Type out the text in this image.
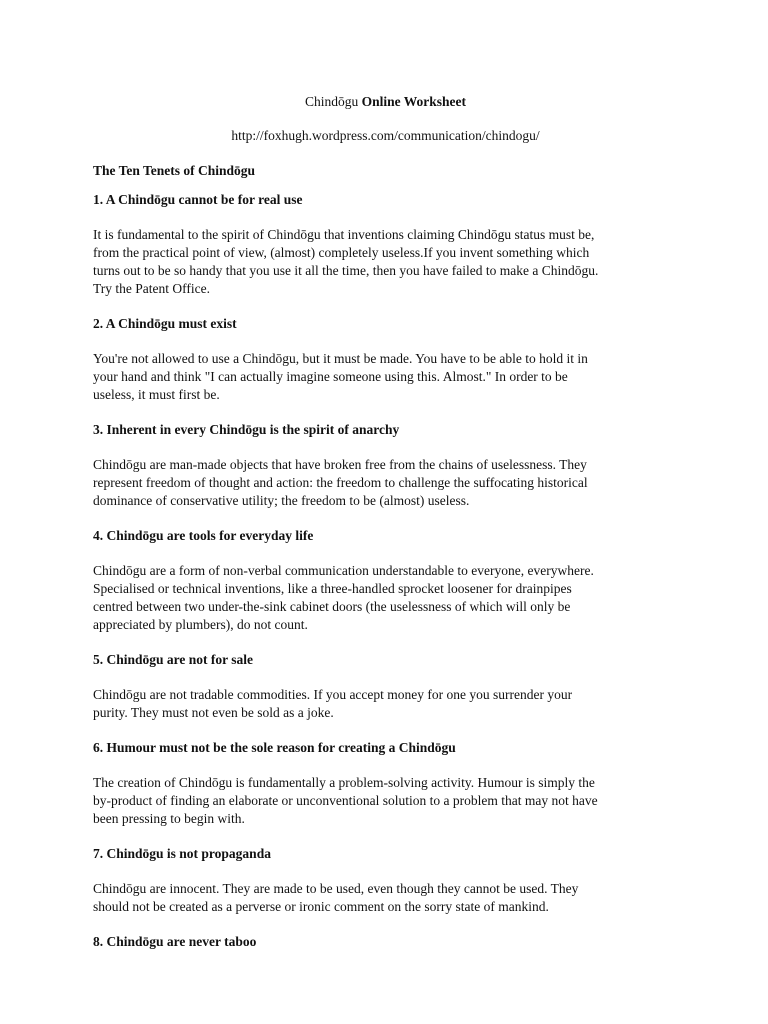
Chindōgu Online Worksheet

http://foxhugh.wordpress.com/communication/chindogu/

The Ten Tenets of Chindōgu

1. A Chindōgu cannot be for real use

It is fundamental to the spirit of Chindōgu that inventions claiming Chindōgu status must be,
from the practical point of view, (almost) completely useless.If you invent something which
turns out to be so handy that you use it all the time, then you have failed to make a Chindōgu.
Try the Patent Office.

2. A Chindōgu must exist

You're not allowed to use a Chindōgu, but it must be made. You have to be able to hold it in
your hand and think "I can actually imagine someone using this. Almost." In order to be
useless, it must first be.

3. Inherent in every Chindōgu is the spirit of anarchy

Chindōgu are man-made objects that have broken free from the chains of uselessness. They
represent freedom of thought and action: the freedom to challenge the suffocating historical
dominance of conservative utility; the freedom to be (almost) useless.

4. Chindōgu are tools for everyday life

Chindōgu are a form of non-verbal communication understandable to everyone, everywhere.
Specialised or technical inventions, like a three-handled sprocket loosener for drainpipes
centred between two under-the-sink cabinet doors (the uselessness of which will only be
appreciated by plumbers), do not count.

5. Chindōgu are not for sale

Chindōgu are not tradable commodities. If you accept money for one you surrender your
purity. They must not even be sold as a joke.

6. Humour must not be the sole reason for creating a Chindōgu

The creation of Chindōgu is fundamentally a problem-solving activity. Humour is simply the
by-product of finding an elaborate or unconventional solution to a problem that may not have
been pressing to begin with.

7. Chindōgu is not propaganda

Chindōgu are innocent. They are made to be used, even though they cannot be used. They
should not be created as a perverse or ironic comment on the sorry state of mankind.

8. Chindōgu are never taboo
